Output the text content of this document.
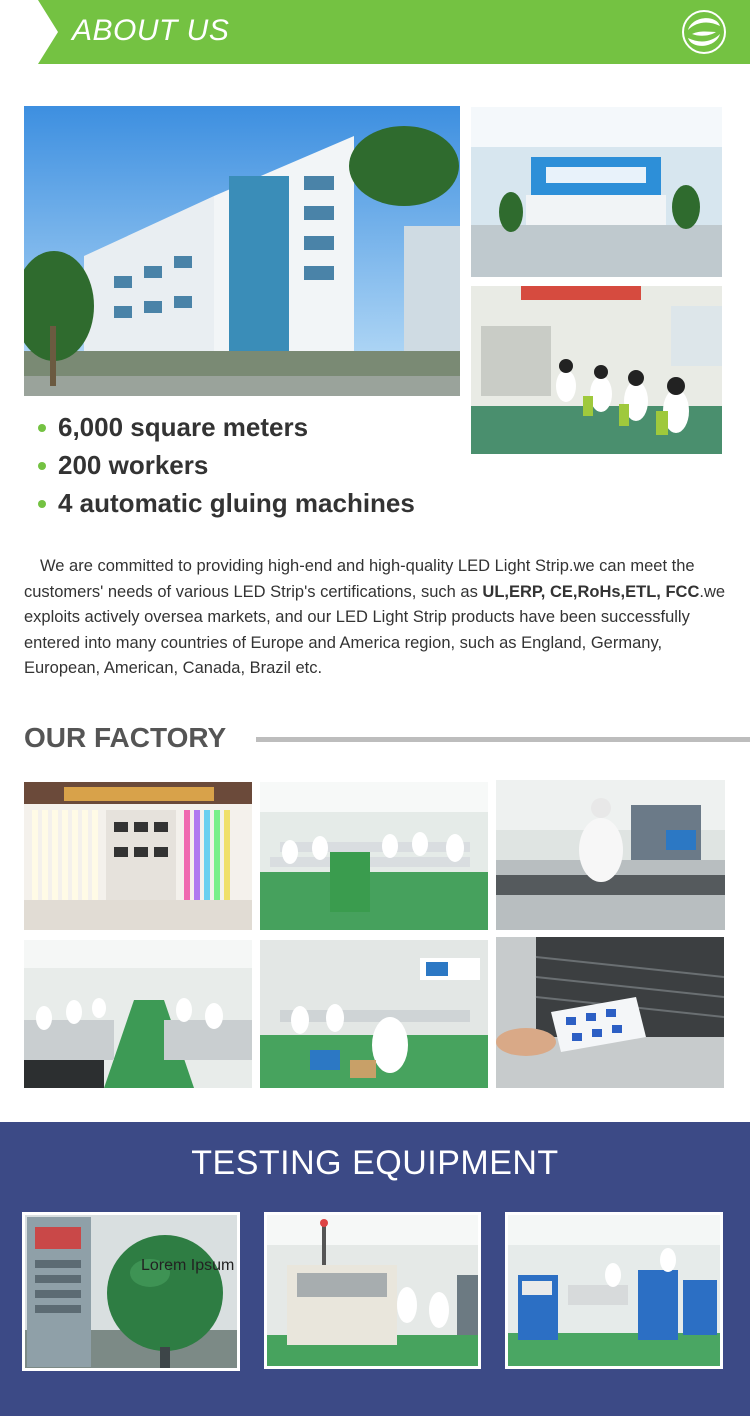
ABOUT US
6,000 square meters
200 workers
4 automatic gluing machines

We are committed to providing high-end and high-quality LED Light Strip.we can meet the customers' needs of various LED Strip's certifications, such as UL,ERP, CE,RoHs,ETL, FCC.we exploits actively oversea markets, and our LED Light Strip products have been successfully entered into many countries of Europe and America region, such as England, Germany, European, American, Canada, Brazil etc.

OUR FACTORY
TESTING EQUIPMENT
Lorem Ipsum
